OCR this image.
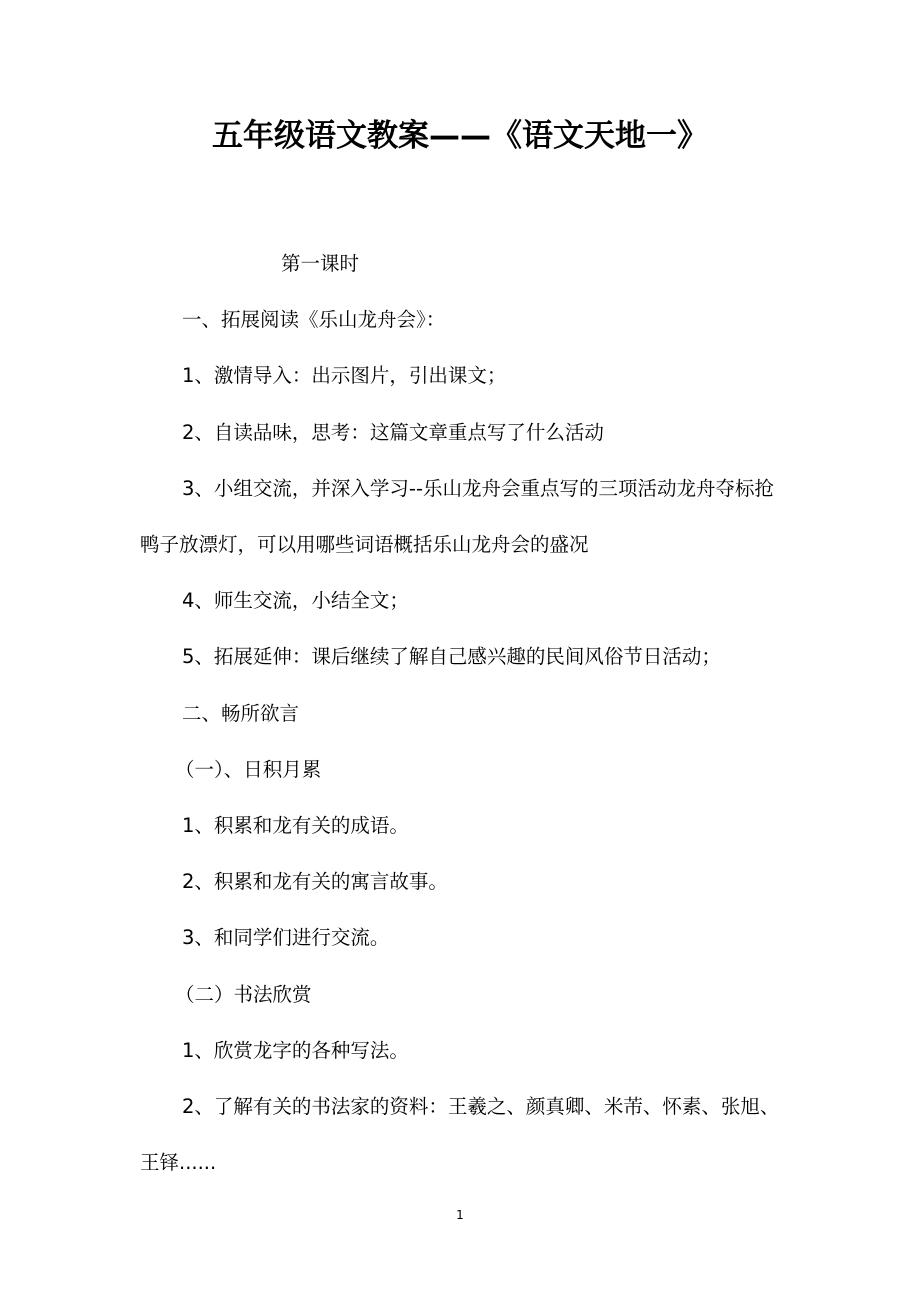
五年级语文教案——《语文天地一》

第一课时

一、拓展阅读《乐山龙舟会》：

1、激情导入：出示图片，引出课文；

2、自读品味，思考：这篇文章重点写了什么活动

3、小组交流，并深入学习--乐山龙舟会重点写的三项活动龙舟夺标抢鸭子放漂灯，可以用哪些词语概括乐山龙舟会的盛况

4、师生交流，小结全文；

5、拓展延伸：课后继续了解自己感兴趣的民间风俗节日活动；

二、畅所欲言

（一）、日积月累

1、积累和龙有关的成语。

2、积累和龙有关的寓言故事。

3、和同学们进行交流。

（二）书法欣赏

1、欣赏龙字的各种写法。

2、了解有关的书法家的资料：王羲之、颜真卿、米芾、怀素、张旭、王铎......

1
